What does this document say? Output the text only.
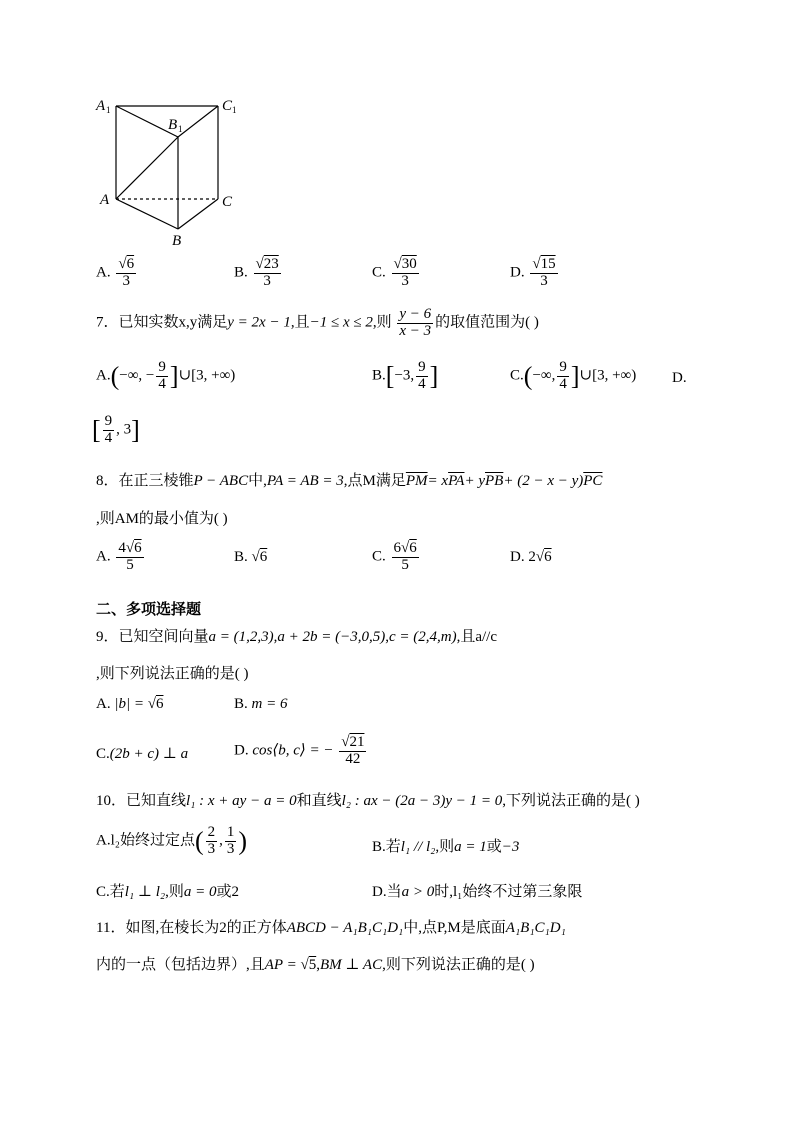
A 1
B 1
C 1
A	C
B
A. $\frac{√6}{3}$	B. $\frac{√23}{3}$	C. $\frac{√30}{3}$	D. $\frac{√15}{3}$
7．已知实数x,y满足y = 2x − 1,且−1 ≤ x ≤ 2,则 $\frac{y - 6}{x - 3}$ 的取值范围为( )
A.(−∞, − $\frac{9}{4}$ ]∪[3, +∞)	B.[−3, $\frac{9}{4}$ ]	C.(−∞, $\frac{9}{4}$ ]∪[3, +∞) D.
[ $\frac{9}{4}$ , 3]
8．在正三棱锥P − ABC中,PA = AB = 3,点M满足$\overline{PM}= x\overline{PA}+ y\overline{PB}+ (2 - x - y)\overline{PC}$
,则AM的最小值为( )
A. $\frac{4√6}{5}$	B. √6	C. $\frac{6√6}{5}$	D. 2√6
二、多项选择题
9．已知空间向量a = (1,2,3),a + 2b = (−3,0,5),c = (2,4,m),且a//c
,则下列说法正确的是( )
A. |b| = √6	B. m = 6
C.(2b + c) ⊥ a	D. cos⟨b, c⟩ = − $\frac{√21}{42}$
10．已知直线l₁ : x + ay − a = 0和直线l₂ : ax − (2a − 3)y − 1 = 0,下列说法正确的是( )
A.l₂始终过定点( $\frac{2}{3}$ , $\frac{1}{3}$ )	B.若l₁ // l₂,则a = 1或−3
C.若l₁ ⊥ l₂,则a = 0或2	D.当a > 0时,l₁始终不过第三象限
11．如图,在棱长为2的正方体ABCD − A₁B₁C₁D₁中,点P,M是底面A₁B₁C₁D₁
内的一点（包括边界）,且AP = √5,BM ⊥ AC,则下列说法正确的是( )
